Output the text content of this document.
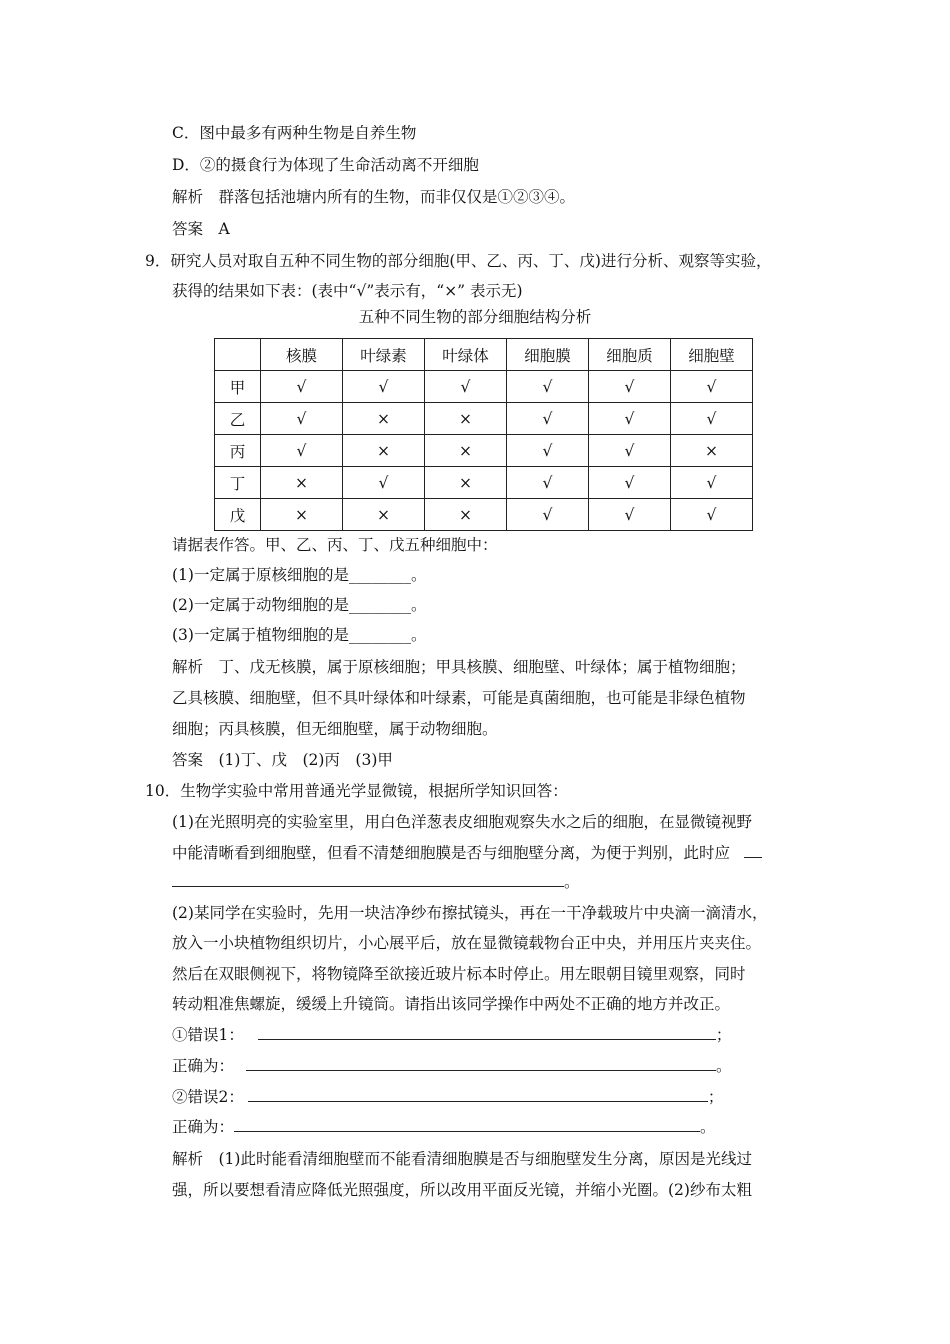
C．图中最多有两种生物是自养生物
D．②的摄食行为体现了生命活动离不开细胞
解析　群落包括池塘内所有的生物，而非仅仅是①②③④。
答案　A
9．研究人员对取自五种不同生物的部分细胞(甲、乙、丙、丁、戊)进行分析、观察等实验，
获得的结果如下表：(表中“√”表示有，“×” 表示无)
五种不同生物的部分细胞结构分析
	核膜	叶绿素	叶绿体	细胞膜	细胞质	细胞壁
甲	√	√	√	√	√	√
乙	√	×	×	√	√	√
丙	√	×	×	√	√	×
丁	×	√	×	√	√	√
戊	×	×	×	√	√	√
请据表作答。甲、乙、丙、丁、戊五种细胞中：
(1)一定属于原核细胞的是________。
(2)一定属于动物细胞的是________。
(3)一定属于植物细胞的是________。
解析　丁、戊无核膜，属于原核细胞；甲具核膜、细胞壁、叶绿体；属于植物细胞；
乙具核膜、细胞壁，但不具叶绿体和叶绿素，可能是真菌细胞，也可能是非绿色植物
细胞；丙具核膜，但无细胞壁，属于动物细胞。
答案　(1)丁、戊　(2)丙　(3)甲
10．生物学实验中常用普通光学显微镜，根据所学知识回答：
(1)在光照明亮的实验室里，用白色洋葱表皮细胞观察失水之后的细胞，在显微镜视野
中能清晰看到细胞壁，但看不清楚细胞膜是否与细胞壁分离，为便于判别，此时应
。
(2)某同学在实验时，先用一块洁净纱布擦拭镜头，再在一干净载玻片中央滴一滴清水，
放入一小块植物组织切片，小心展平后，放在显微镜载物台正中央，并用压片夹夹住。
然后在双眼侧视下，将物镜降至欲接近玻片标本时停止。用左眼朝目镜里观察，同时
转动粗准焦螺旋，缓缓上升镜筒。请指出该同学操作中两处不正确的地方并改正。
①错误1：	；
正确为：	。
②错误2：	；
正确为：	。
解析　(1)此时能看清细胞壁而不能看清细胞膜是否与细胞壁发生分离，原因是光线过
强，所以要想看清应降低光照强度，所以改用平面反光镜，并缩小光圈。(2)纱布太粗
